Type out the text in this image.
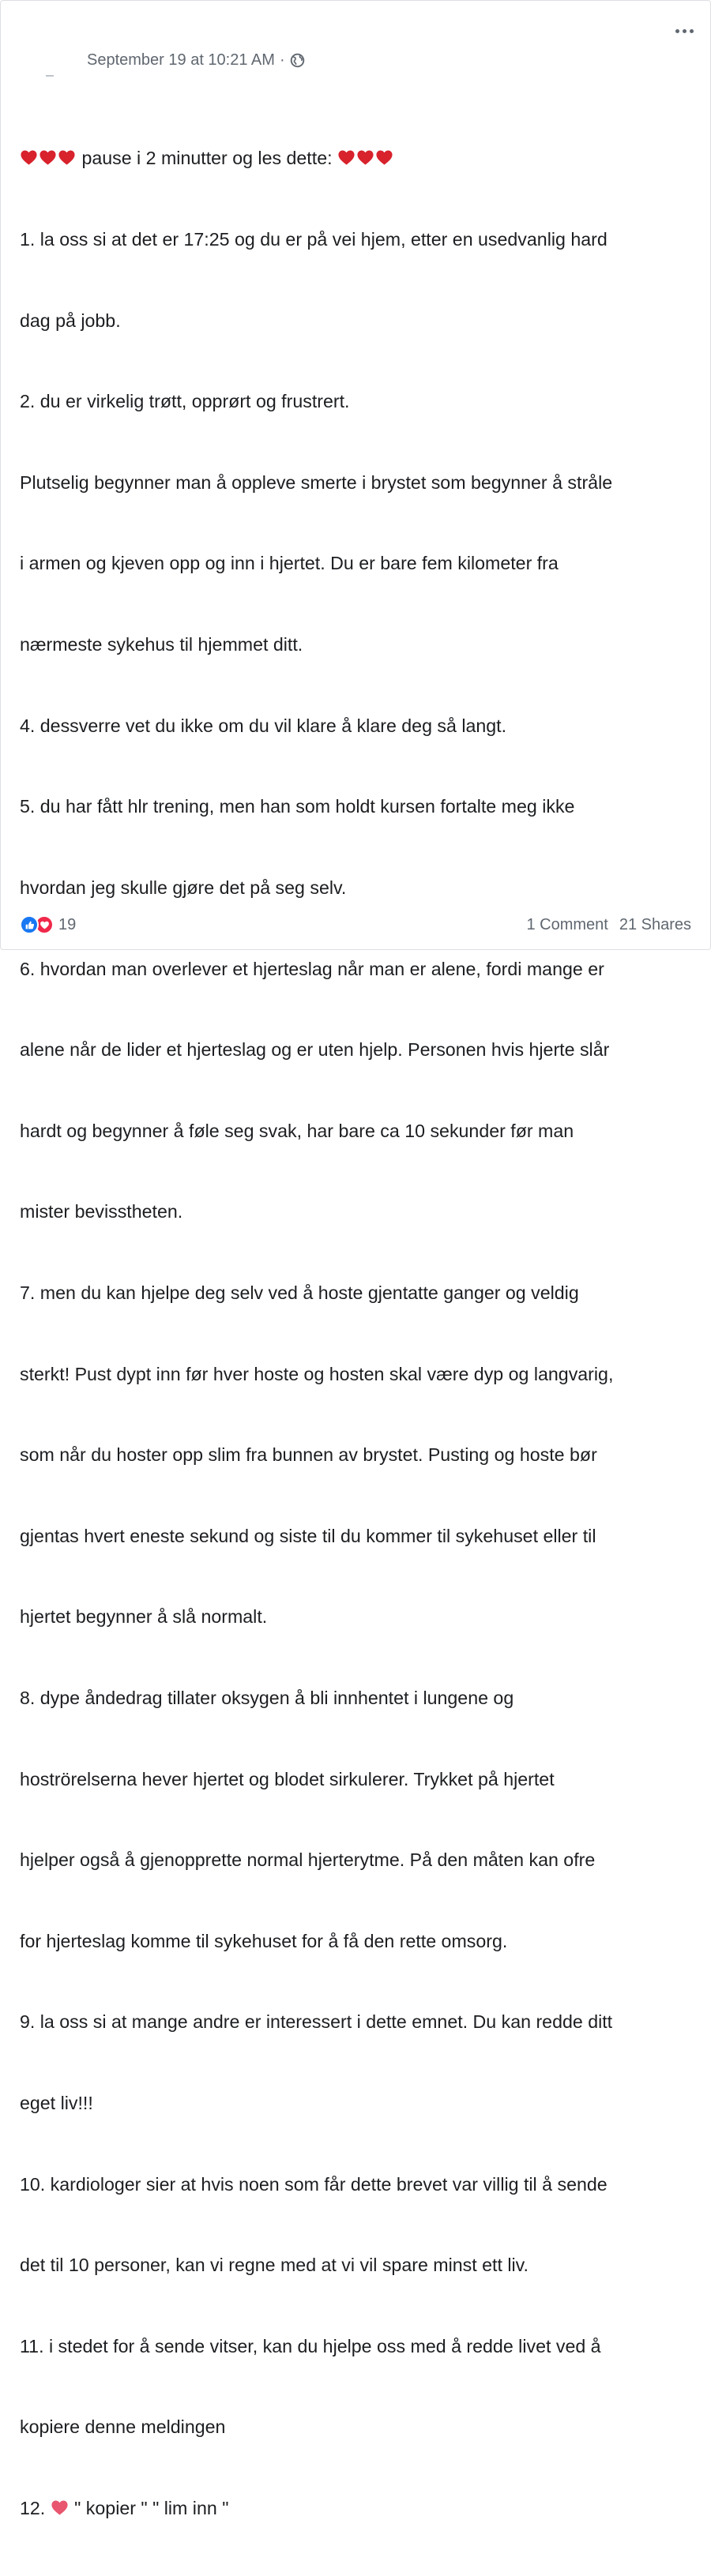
September 19 at 10:21 AM ·

pause i 2 minutter og les dette:

1. la oss si at det er 17:25 og du er på vei hjem, etter en usedvanlig hard

dag på jobb.

2. du er virkelig trøtt, opprørt og frustrert.

Plutselig begynner man å oppleve smerte i brystet som begynner å stråle

i armen og kjeven opp og inn i hjertet. Du er bare fem kilometer fra

nærmeste sykehus til hjemmet ditt.

4. dessverre vet du ikke om du vil klare å klare deg så langt.

5. du har fått hlr trening, men han som holdt kursen fortalte meg ikke

hvordan jeg skulle gjøre det på seg selv.

6. hvordan man overlever et hjerteslag når man er alene, fordi mange er

alene når de lider et hjerteslag og er uten hjelp. Personen hvis hjerte slår

hardt og begynner å føle seg svak, har bare ca 10 sekunder før man

mister bevisstheten.

7. men du kan hjelpe deg selv ved å hoste gjentatte ganger og veldig

sterkt! Pust dypt inn før hver hoste og hosten skal være dyp og langvarig,

som når du hoster opp slim fra bunnen av brystet. Pusting og hoste bør

gjentas hvert eneste sekund og siste til du kommer til sykehuset eller til

hjertet begynner å slå normalt.

8. dype åndedrag tillater oksygen å bli innhentet i lungene og

hoströrelserna hever hjertet og blodet sirkulerer. Trykket på hjertet

hjelper også å gjenopprette normal hjerterytme. På den måten kan ofre

for hjerteslag komme til sykehuset for å få den rette omsorg.

9. la oss si at mange andre er interessert i dette emnet. Du kan redde ditt

eget liv!!!

10. kardiologer sier at hvis noen som får dette brevet var villig til å sende

det til 10 personer, kan vi regne med at vi vil spare minst ett liv.

11. i stedet for å sende vitser, kan du hjelpe oss med å redde livet ved å

kopiere denne meldingen

12.  " kopier " " lim inn "

19	1 Comment 21 Shares
